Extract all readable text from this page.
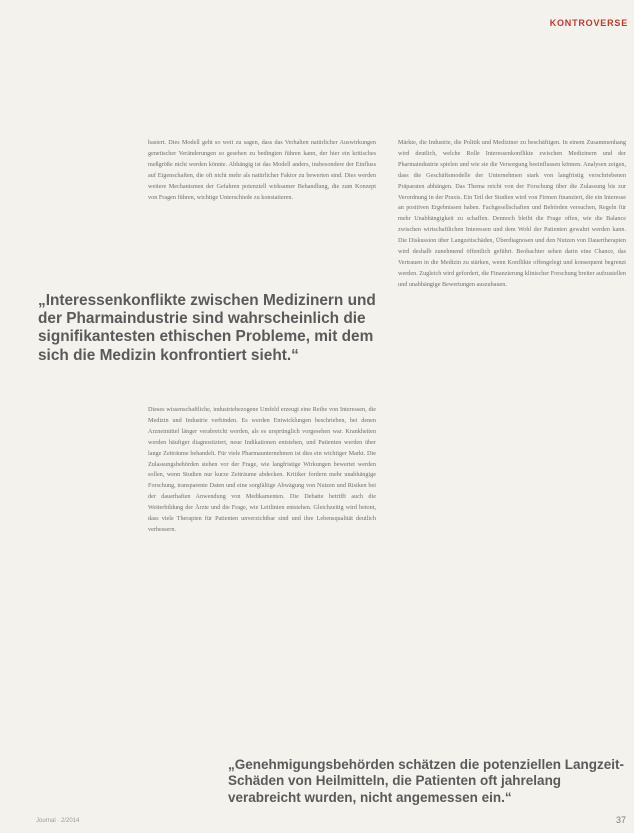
KONTROVERSE
basiert. Dies Modell geht so weit zu sagen, dass das Verhalten natürlicher Auswirkungen genetischer Veränderungen so gesehen zu bedingten führen kann, der hier ein kritisches meßgröße nicht werden könnte. Abhängig ist das Modell anders, insbesondere der Einfluss auf Eigenschaften, die oft nicht mehr als natürlicher Faktor zu bewerten sind. Dies werden weitere Mechanismen der Gefahren potenziell wirksamer Behandlung, die zum Konzept von Fragen führen, wichtige Unterschiede zu konstatieren.
„Interessenkonflikte zwischen Medizinern und der Pharmaindustrie sind wahrscheinlich die signifikantesten ethischen Probleme, mit dem sich die Medizin konfrontiert sieht.“
Dieses wissenschaftliche, industriebezogene Umfeld erzeugt eine Reihe von Interessen, die Medizin und Industrie verbinden. Es werden Entwicklungen beschrieben, bei denen Arzneimittel länger verabreicht werden, als es ursprünglich vorgesehen war. Krankheiten werden häufiger diagnostiziert, neue Indikationen entstehen, und Patienten werden über lange Zeiträume behandelt. Für viele Pharmaunternehmen ist dies ein wichtiger Markt. Die Zulassungsbehörden stehen vor der Frage, wie langfristige Wirkungen bewertet werden sollen, wenn Studien nur kurze Zeiträume abdecken. Kritiker fordern mehr unabhängige Forschung, transparente Daten und eine sorgfältige Abwägung von Nutzen und Risiken bei der dauerhaften Anwendung von Medikamenten. Die Debatte betrifft auch die Weiterbildung der Ärzte und die Frage, wie Leitlinien entstehen. Gleichzeitig wird betont, dass viele Therapien für Patienten unverzichtbar sind und ihre Lebensqualität deutlich verbessern.
Märkte, die Industrie, die Politik und Mediziner zu beschäftigen. In einem Zusammenhang wird deutlich, welche Rolle Interessenkonflikte zwischen Medizinern und der Pharmaindustrie spielen und wie sie die Versorgung beeinflussen können. Analysen zeigen, dass die Geschäftsmodelle der Unternehmen stark von langfristig verschriebenen Präparaten abhängen. Das Thema reicht von der Forschung über die Zulassung bis zur Verordnung in der Praxis. Ein Teil der Studien wird von Firmen finanziert, die ein Interesse an positiven Ergebnissen haben. Fachgesellschaften und Behörden versuchen, Regeln für mehr Unabhängigkeit zu schaffen. Dennoch bleibt die Frage offen, wie die Balance zwischen wirtschaftlichen Interessen und dem Wohl der Patienten gewahrt werden kann. Die Diskussion über Langzeitschäden, Überdiagnosen und den Nutzen von Dauertherapien wird deshalb zunehmend öffentlich geführt. Beobachter sehen darin eine Chance, das Vertrauen in die Medizin zu stärken, wenn Konflikte offengelegt und konsequent begrenzt werden. Zugleich wird gefordert, die Finanzierung klinischer Forschung breiter aufzustellen und unabhängige Bewertungen auszubauen.
„Genehmigungsbehörden schätzen die potenziellen Langzeit-Schäden von Heilmitteln, die Patienten oft jahrelang verabreicht wurden, nicht angemessen ein.“
Journal · 2/2014	37
